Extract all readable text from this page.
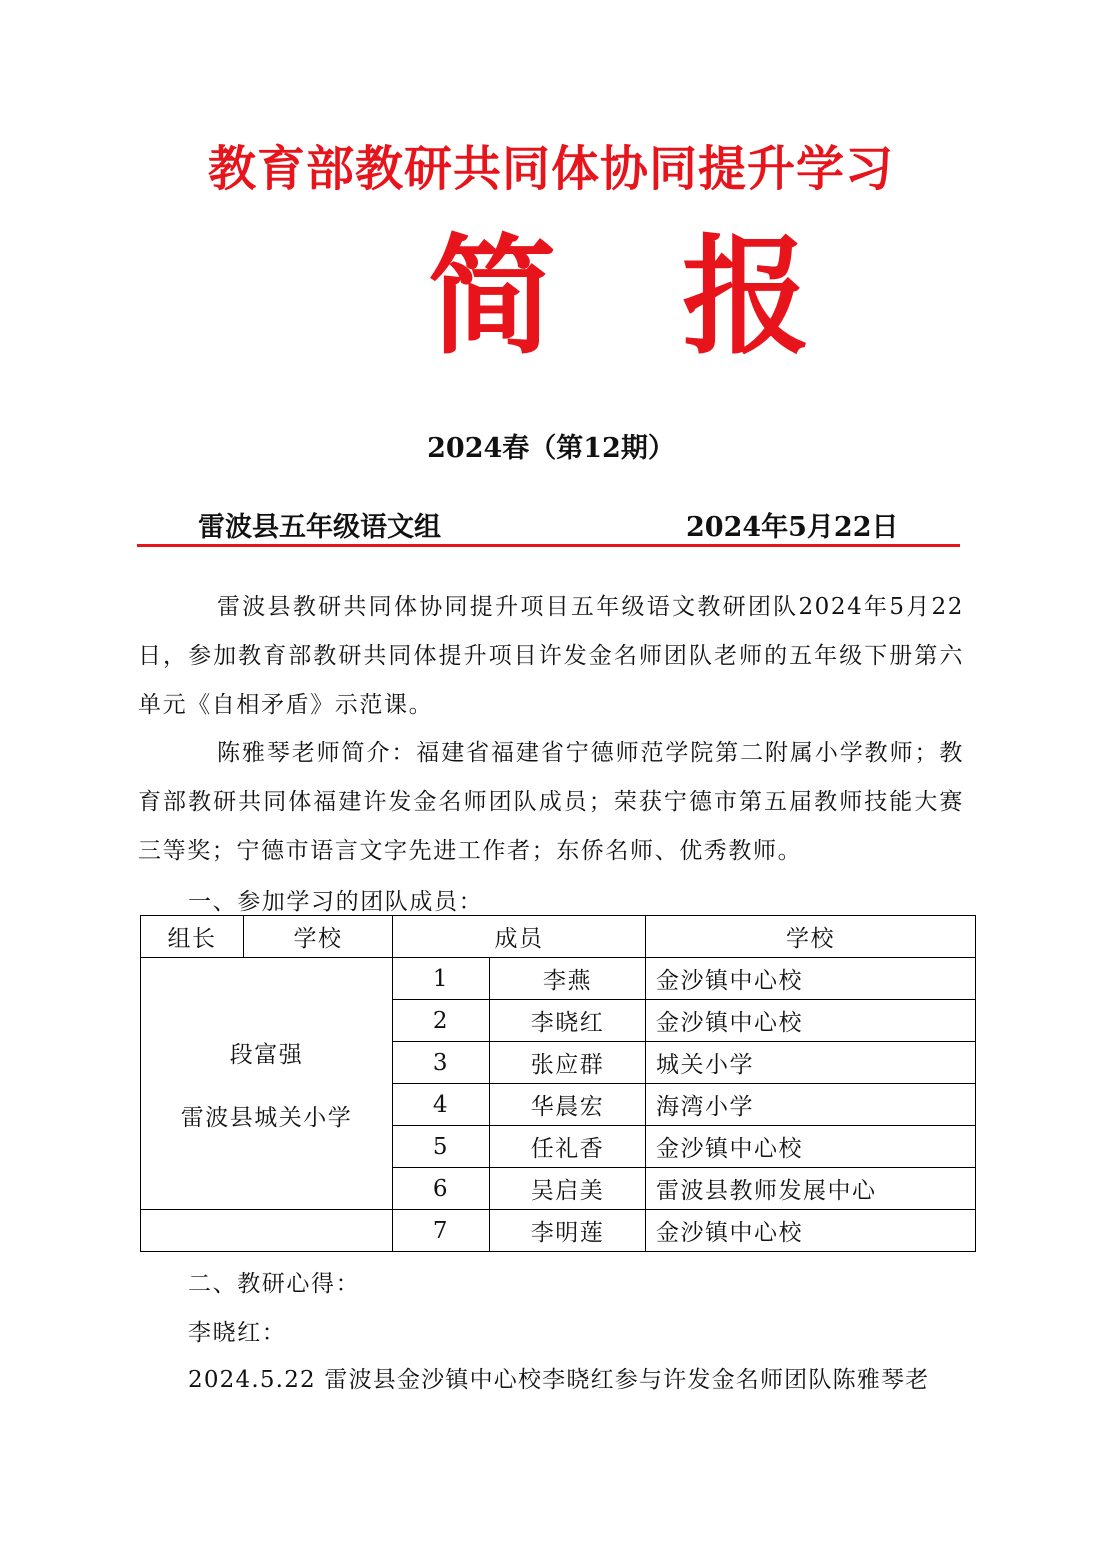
教育部教研共同体协同提升学习
简 报
2024春（第12期）
雷波县五年级语文组	2024年5月22日
雷波县教研共同体协同提升项目五年级语文教研团队2024年5月22日，参加教育部教研共同体提升项目许发金名师团队老师的五年级下册第六单元《自相矛盾》示范课。
陈雅琴老师简介：福建省福建省宁德师范学院第二附属小学教师；教育部教研共同体福建许发金名师团队成员；荣获宁德市第五届教师技能大赛三等奖；宁德市语言文字先进工作者；东侨名师、优秀教师。
一、参加学习的团队成员：
组长	学校	成员		学校

段富强
雷波县城关小学		1	李燕	金沙镇中心校
		2	李晓红	金沙镇中心校
		3	张应群	城关小学
		4	华晨宏	海湾小学
		5	任礼香	金沙镇中心校
		6	吴启美	雷波县教师发展中心
		7	李明莲	金沙镇中心校
二、教研心得：
李晓红：
2024.5.22 雷波县金沙镇中心校李晓红参与许发金名师团队陈雅琴老
